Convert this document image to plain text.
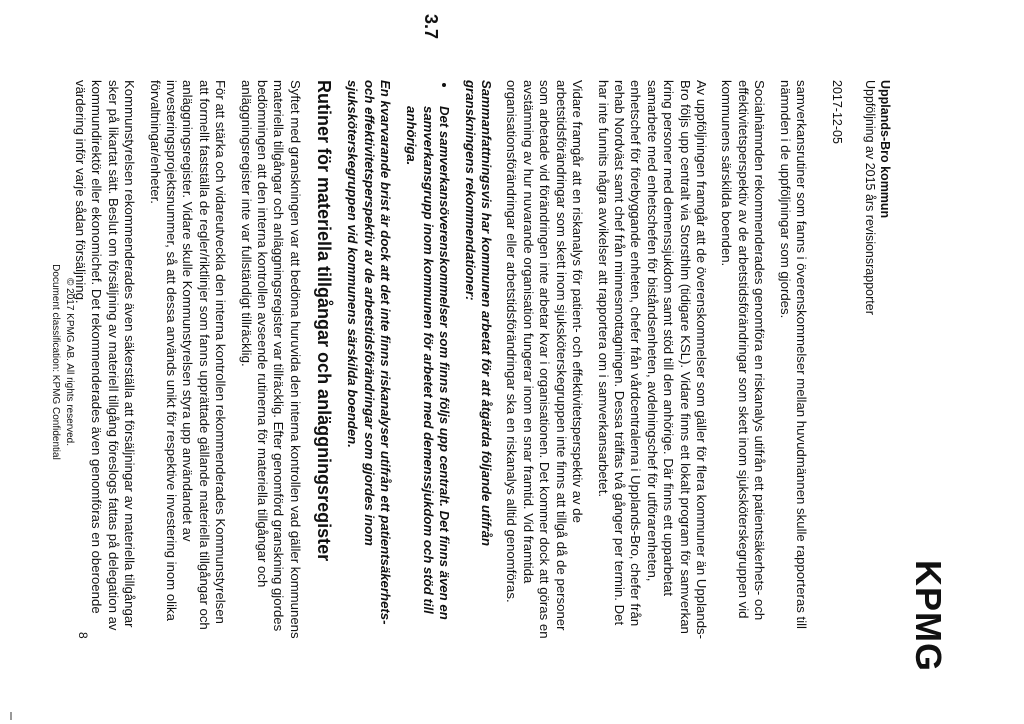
KPMG
Upplands-Bro kommun
Uppföljning av 2015 års revisionsrapporter
2017-12-05

samverkansrutiner som fanns i överenskommelser mellan huvudmännen skulle rapporteras till nämnden i de uppföljningar som gjordes.

Socialnämnden rekommenderades genomföra en riskanalys utifrån ett patientsäkerhets- och effektivitetsperspektiv av de arbetstidsförändringar som skett inom sjuksköterskegruppen vid kommunens särskilda boenden.

Av uppföljningen framgår att de överenskommelser som gäller för flera kommuner än Upplands-Bro följs upp centralt via Storsthlm (tidigare KSL). Vidare finns ett lokalt program för samverkan kring personer med demenssjukdom samt stöd till den anhörige. Där finns ett upparbetat samarbete med enhetschefen för biståndsenheten, avdelningschef för utförarenheten, enhetschef för förebyggande enheten, chefer från vårdcentralerna i Upplands-Bro, chefer från rehab Nordväst samt chef från minnesmottagningen. Dessa träffas två gånger per termin. Det har inte funnits några avvikelser att rapportera om i samverkansarbetet.

Vidare framgår att en riskanalys för patient- och effektivitetsperspektiv av de arbetstidsförändringar som skett inom sjuksköterskegruppen inte finns att tillgå då de personer som arbetade vid förändringen inte arbetar kvar i organisationen. Det kommer dock att göras en avstämning av hur nuvarande organisation fungerar inom en snar framtid. Vid framtida organisationsförändringar eller arbetstidsförändringar ska en riskanalys alltid genomföras.

Sammanfattningsvis har kommunen arbetat för att åtgärda följande utifrån granskningens rekommendationer:

• Det samverkansöverenskommelser som finns följs upp centralt. Det finns även en samverkansgrupp inom kommunen för arbetet med demenssjukdom och stöd till anhöriga.

En kvarvarande brist är dock att det inte finns riskanalyser utifrån ett patientsäkerhets- och effektivitetsperspektiv av de arbetstidsförändringar som gjordes inom sjuksköterskegruppen vid kommunens särskilda boenden.

Rutiner för materiella tillgångar och anläggningsregister

Syftet med granskningen var att bedöma huruvida den interna kontrollen vad gäller kommunens materiella tillgångar och anläggningsregister var tillräcklig. Efter genomförd granskning gjordes bedömningen att den interna kontrollen avseende rutinerna för materiella tillgångar och anläggningsregister inte var fullständigt tillräcklig.

För att stärka och vidareutveckla den interna kontrollen rekommenderades Kommunstyrelsen att formellt fastställa de regler/riktlinjer som fanns upprättade gällande materiella tillgångar och anläggningsregister. Vidare skulle Kommunstyrelsen styra upp användandet av investeringsprojektsnummer, så att dessa används unikt för respektive investering inom olika förvaltningar/enheter.

Kommunstyrelsen rekommenderades även säkerställa att försäljningar av materiella tillgångar sker på likartat sätt. Beslut om försäljning av materiell tillgång föreslogs fattas på delegation av kommundirektör eller ekonomichef. Det rekommenderades även genomföras en oberoende värdering inför varje sådan försäljning.

3.7
8
© 2017 KPMG AB. All rights reserved.
Document classification: KPMG Confidential
